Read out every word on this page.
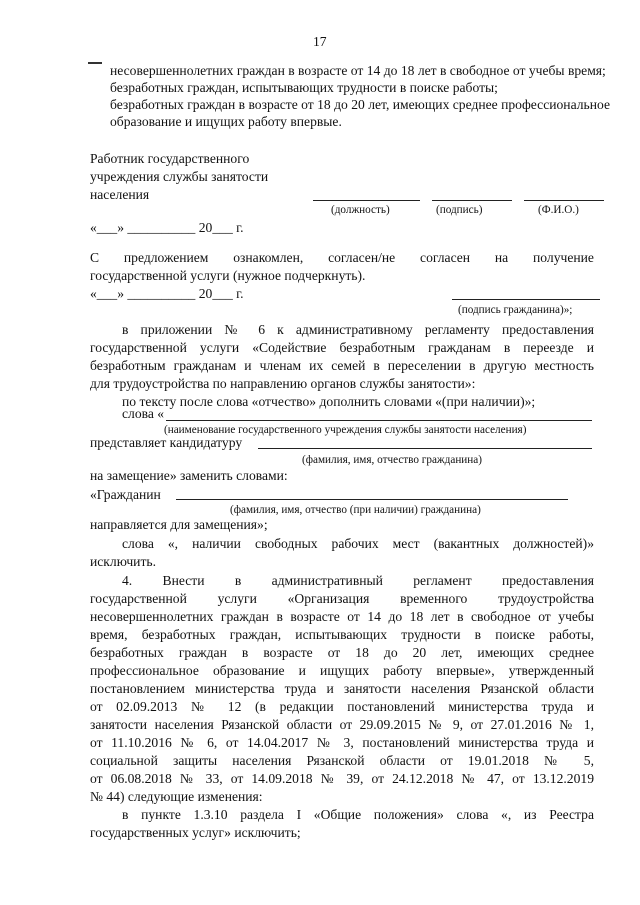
17
несовершеннолетних граждан в возрасте от 14 до 18 лет в свободное от учебы время;
безработных граждан, испытывающих трудности в поиске работы;
безработных граждан в возрасте от 18 до 20 лет, имеющих среднее профессиональное
образование и ищущих работу впервые.
Работник государственного
учреждения службы занятости
населения
(должность)	(подпись)	(Ф.И.О.)
«___» __________ 20___ г.
С предложением ознакомлен, согласен/не согласен на получение
государственной услуги (нужное подчеркнуть).
«___» __________ 20___ г.
(подпись гражданина)»;
в приложении № 6 к административному регламенту предоставления
государственной услуги «Содействие безработным гражданам в переезде и
безработным гражданам и членам их семей в переселении в другую местность
для трудоустройства по направлению органов службы занятости»:
по тексту после слова «отчество» дополнить словами «(при наличии)»;
слова «
(наименование государственного учреждения службы занятости населения)
представляет кандидатуру
(фамилия, имя, отчество гражданина)
на замещение» заменить словами:
«Гражданин
(фамилия, имя, отчество (при наличии) гражданина)
направляется для замещения»;
слова «, наличии свободных рабочих мест (вакантных должностей)»
исключить.
4. Внести в административный регламент предоставления
государственной услуги «Организация временного трудоустройства
несовершеннолетних граждан в возрасте от 14 до 18 лет в свободное от учебы
время, безработных граждан, испытывающих трудности в поиске работы,
безработных граждан в возрасте от 18 до 20 лет, имеющих среднее
профессиональное образование и ищущих работу впервые», утвержденный
постановлением министерства труда и занятости населения Рязанской области
от 02.09.2013 № 12 (в редакции постановлений министерства труда и
занятости населения Рязанской области от 29.09.2015 № 9, от 27.01.2016 № 1,
от 11.10.2016 № 6, от 14.04.2017 № 3, постановлений министерства труда и
социальной защиты населения Рязанской области от 19.01.2018 № 5,
от 06.08.2018 № 33, от 14.09.2018 № 39, от 24.12.2018 № 47, от 13.12.2019
№ 44) следующие изменения:
в пункте 1.3.10 раздела I «Общие положения» слова «, из Реестра
государственных услуг» исключить;
